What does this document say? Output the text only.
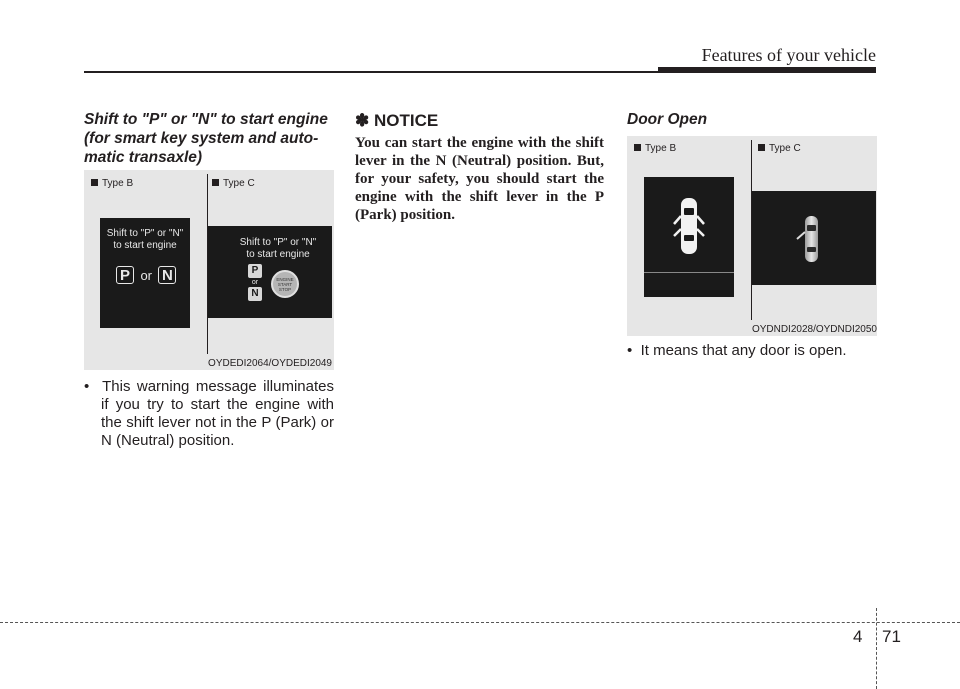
Features of your vehicle
Shift to "P" or "N" to start engine
(for smart key system and auto-
matic transaxle)
Type B	Type C
Shift to "P" or "N"
to start engine
P or N
Shift to "P" or "N"
to start engine
P
or
N
ENGINE START STOP
OYDEDI2064/OYDEDI2049
•  This warning message illuminates if you try to start the engine with the shift lever not in the P (Park) or N (Neutral) position.
✽ NOTICE
You can start the engine with the shift lever in the N (Neutral) position. But, for your safety, you should start the engine with the shift lever in the P (Park) position.
Door Open
Type B	Type C
OYDNDI2028/OYDNDI2050
•  It means that any door is open.
4 71
